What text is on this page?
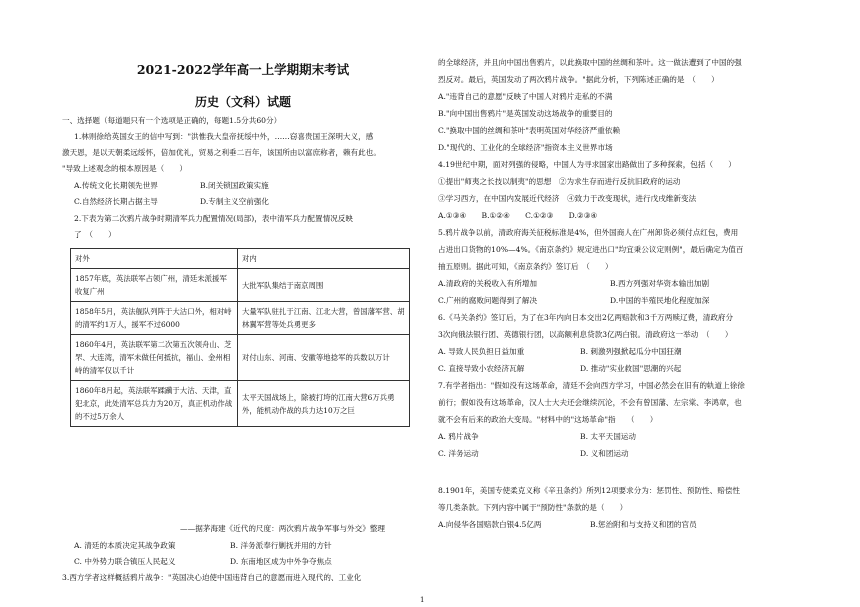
2021-2022学年高一上学期期末考试
历史（文科）试题
一、选择题（每道题只有一个选项是正确的，每题1.5分共60分）
1.林则徐给英国女王的信中写到："洪惟我大皇帝抚绥中外，……窃喜贵国王深明大义，感
激天恩，是以天朝柔远绥怀，倍加优礼，贸易之利垂二百年，该国所由以富庶称者，赖有此也。
"导致上述观念的根本原因是（　　）
A.传统文化长期领先世界	B.闭关锁国政策实施
C.自然经济长期占据主导	D.专制主义空前强化
2.下表为第二次鸦片战争时期清军兵力配置情况(局部)，表中清军兵力配置情况反映
了　（　　）
对外	对内
1857年底，英法联军占领广州，清廷未派援军收复广州	大批军队集结于南京周围
1858年5月，英法舰队列阵于大沽口外，相对峙的清军约1万人，援军不过6000	大量军队驻扎于江南、江北大营，曾国藩军营、胡林翼军营等处兵勇更多
1860年4月，英法联军第二次第五次领舟山、芝罘、大连湾，清军未做任何抵抗，福山、金州相峙的清军仅以千计	对付山东、河南、安徽等地捻军的兵数以万计
1860年8月起，英法联军蹂躏于大沽、天津，直犯北京，此处清军总兵力为20万，真正机动作战的不过5万余人	太平天国战场上，除被打垮的江南大营6万兵勇外，能机动作战的兵力达10万之巨
——据茅海建《近代的尺度：两次鸦片战争军事与外交》整理
A. 清廷的本质决定其战争政策	B. 洋务派奉行剿抚并用的方针
C. 中外势力联合镇压人民起义	D. 东南地区成为中外争夺焦点
3.西方学者这样概括鸦片战争："英国决心迫使中国违背自己的意愿而进入现代的、工业化
的全球经济，并且向中国出售鸦片，以此换取中国的丝绸和茶叶。这一做法遭到了中国的强
烈反对。最后，英国发动了两次鸦片战争。"据此分析，下列陈述正确的是　（　　）
A."违背自己的意愿"反映了中国人对鸦片走私的不满
B."向中国出售鸦片"是英国发动这场战争的重要目的
C."换取中国的丝绸和茶叶"表明英国对华经济严重依赖
D."现代的、工业化的全球经济"指资本主义世界市场
4.19世纪中期，面对列强的侵略，中国人为寻求国家出路做出了多种探索，包括（　　）
①提出"师夷之长技以制夷"的思想　②为求生存而进行反抗旧政府的运动
③学习西方，在中国内发展近代经济　④致力于改变现状，进行戊戌维新变法
A.①③④　　B.①②④　　C.①②③　　D.②③④
5.鸦片战争以前，清政府海关征税标准是4%，但外国商人在广州卸货必须付点红包，费用
占进出口货物的10%—4%。《南京条约》规定进出口"均宜秉公议定则例"，最后确定为值百
抽五原则。据此可知，《南京条约》签订后　（　　）
A.清政府的关税收入有所增加	B.西方列强对华资本输出加剧
C.广州的腐败问题得到了解决	D.中国的半殖民地化程度加深
6.《马关条约》签订后，为了在3年内向日本交出2亿两赔款和3千万两赎辽费，清政府分
3次向俄法银行团、英德银行团，以高额利息贷款3亿两白银。清政府这一举动　（　　）
A. 导致人民负担日益加重	B. 刺激列强掀起瓜分中国狂潮
C. 直接导致小农经济瓦解	D. 推动"实业救国"思潮的兴起
7.有学者指出："假如没有这场革命，清廷不会向西方学习，中国必然会在旧有的轨道上徐徐
前行；假如没有这场革命，汉人士大夫还会继续沉沦，不会有曾国藩、左宗棠、李鸿章，也
就不会有后来的政治大变局。"材料中的"这场革命"指　　（　　）
A. 鸦片战争	B. 太平天国运动
C. 洋务运动	D. 义和团运动
8.1901年，美国专使柔克义称《辛丑条约》所列12项要求分为：惩罚性、预防性、赔偿性
等几类条款。下列内容中属于"预防性"条款的是（　　）
A.向侵华各国赔款白银4.5亿两	B.惩治附和与支持义和团的官员
1
